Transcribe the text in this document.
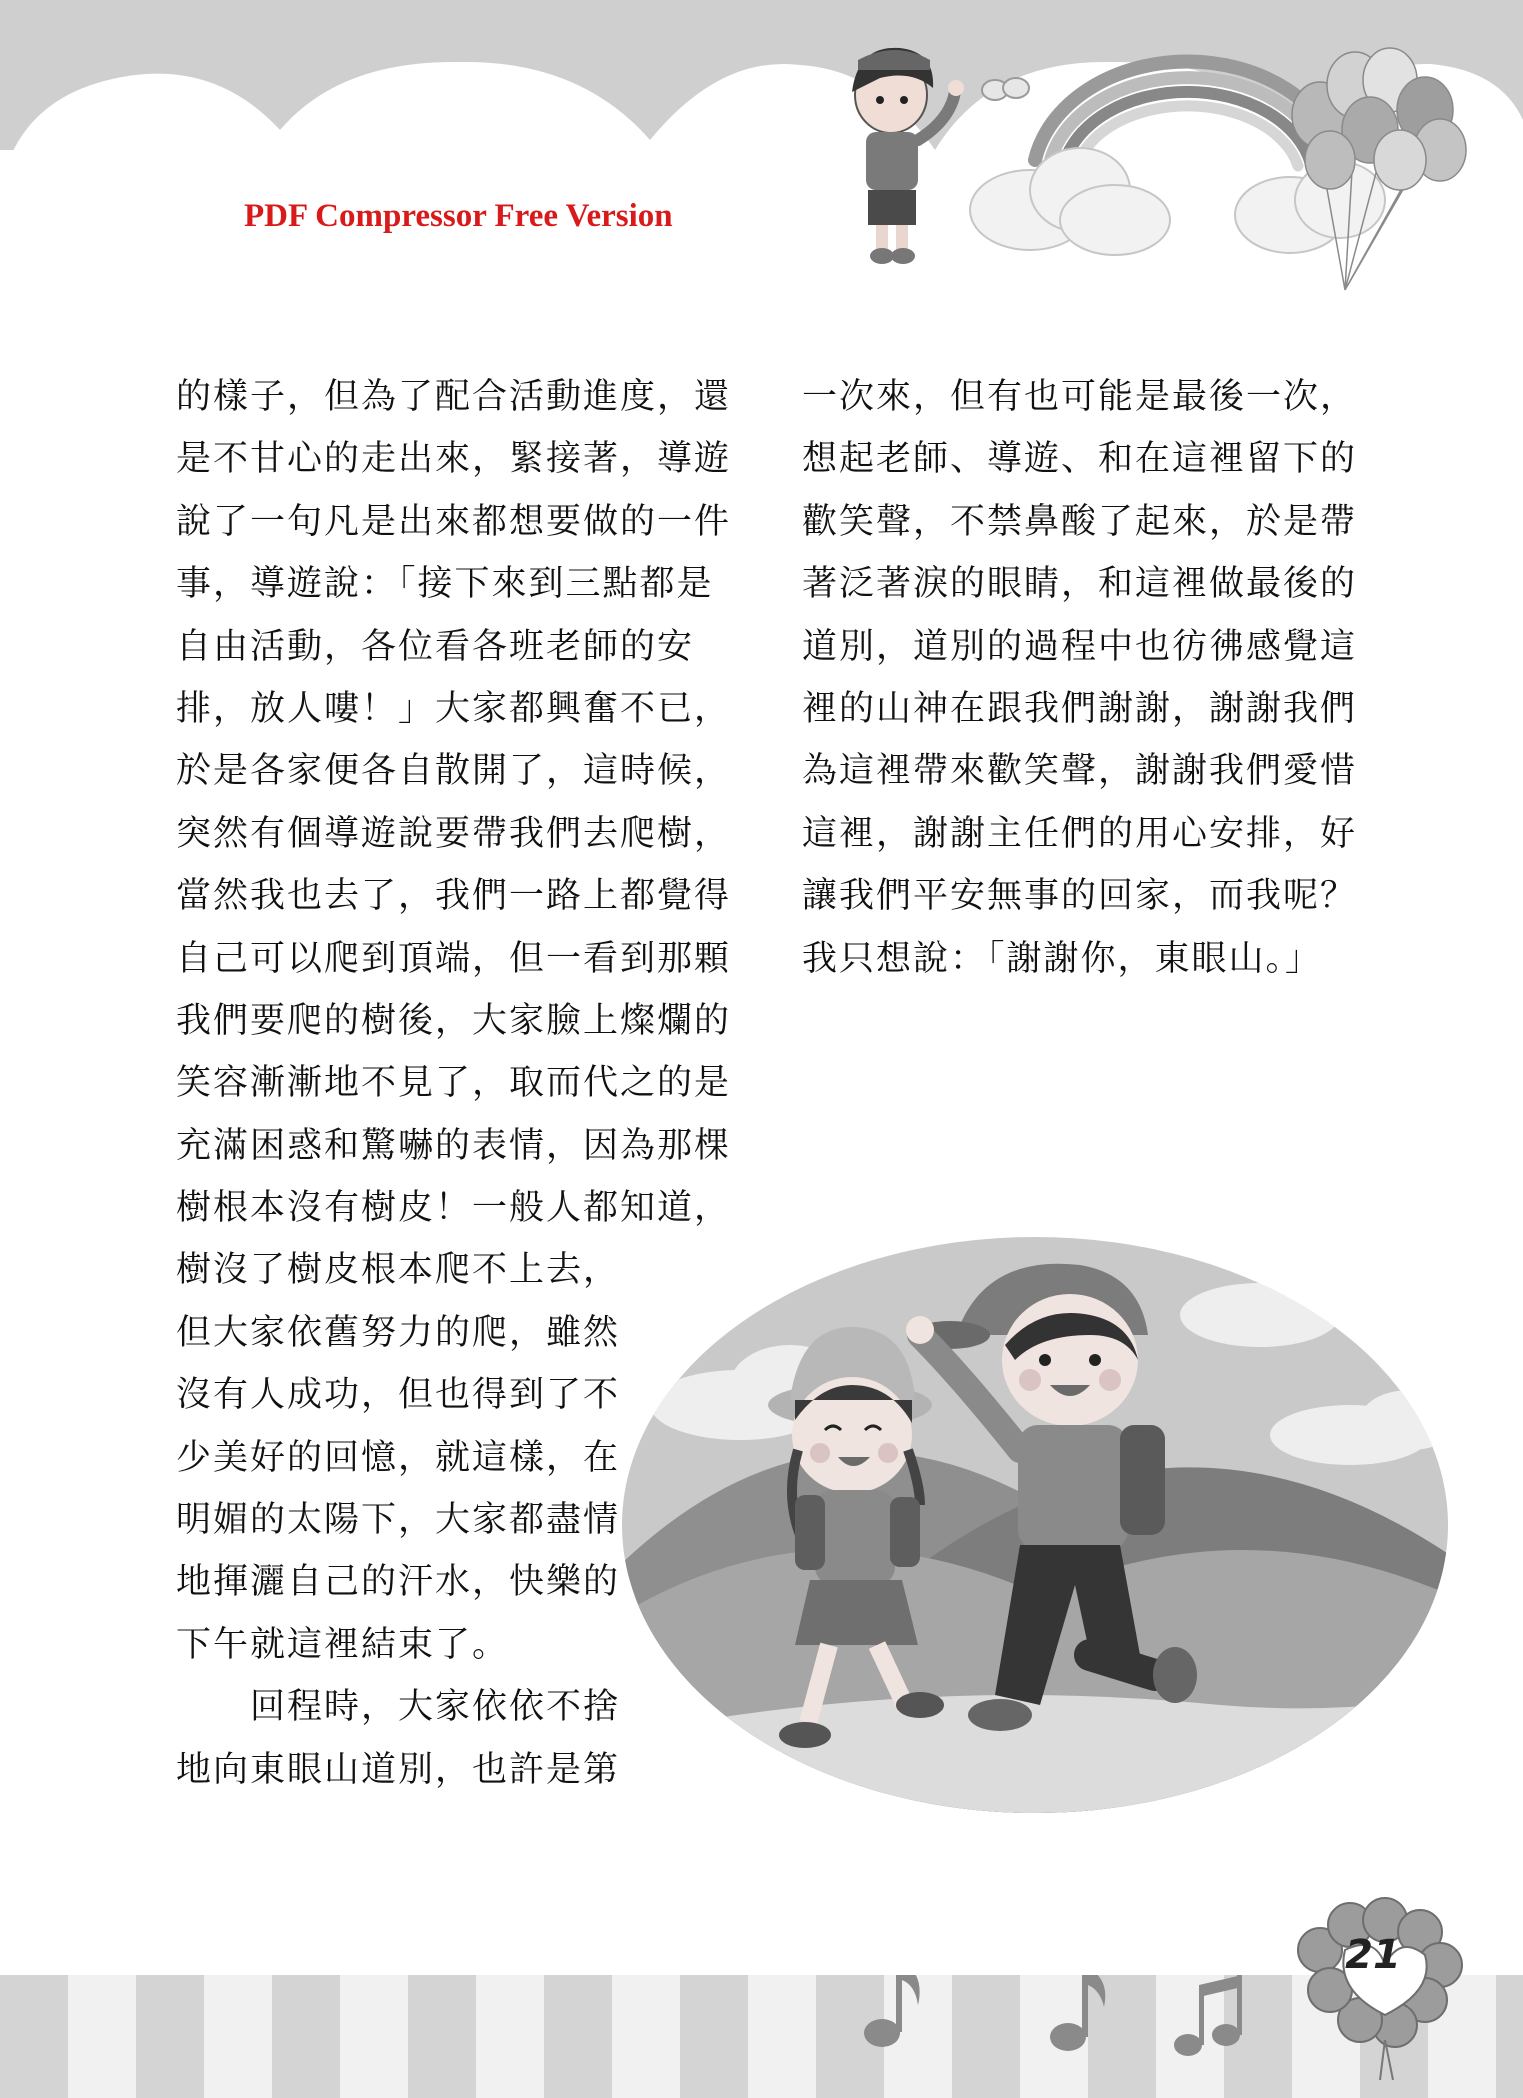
PDF Compressor Free Version
的樣子，但為了配合活動進度，還
是不甘心的走出來，緊接著，導遊
說了一句凡是出來都想要做的一件
事，導遊說：「接下來到三點都是
自由活動，各位看各班老師的安
排，放人嘍！」大家都興奮不已，
於是各家便各自散開了，這時候，
突然有個導遊說要帶我們去爬樹，
當然我也去了，我們一路上都覺得
自己可以爬到頂端，但一看到那顆
我們要爬的樹後，大家臉上燦爛的
笑容漸漸地不見了，取而代之的是
充滿困惑和驚嚇的表情，因為那棵
樹根本沒有樹皮！一般人都知道，
樹沒了樹皮根本爬不上去，
但大家依舊努力的爬，雖然
沒有人成功，但也得到了不
少美好的回憶，就這樣，在
明媚的太陽下，大家都盡情
地揮灑自己的汗水，快樂的
下午就這裡結束了。
　　回程時，大家依依不捨
地向東眼山道別，也許是第
一次來，但有也可能是最後一次，
想起老師、導遊、和在這裡留下的
歡笑聲，不禁鼻酸了起來，於是帶
著泛著淚的眼睛，和這裡做最後的
道別，道別的過程中也彷彿感覺這
裡的山神在跟我們謝謝，謝謝我們
為這裡帶來歡笑聲，謝謝我們愛惜
這裡，謝謝主任們的用心安排，好
讓我們平安無事的回家，而我呢？
我只想說：「謝謝你，東眼山。」
21
